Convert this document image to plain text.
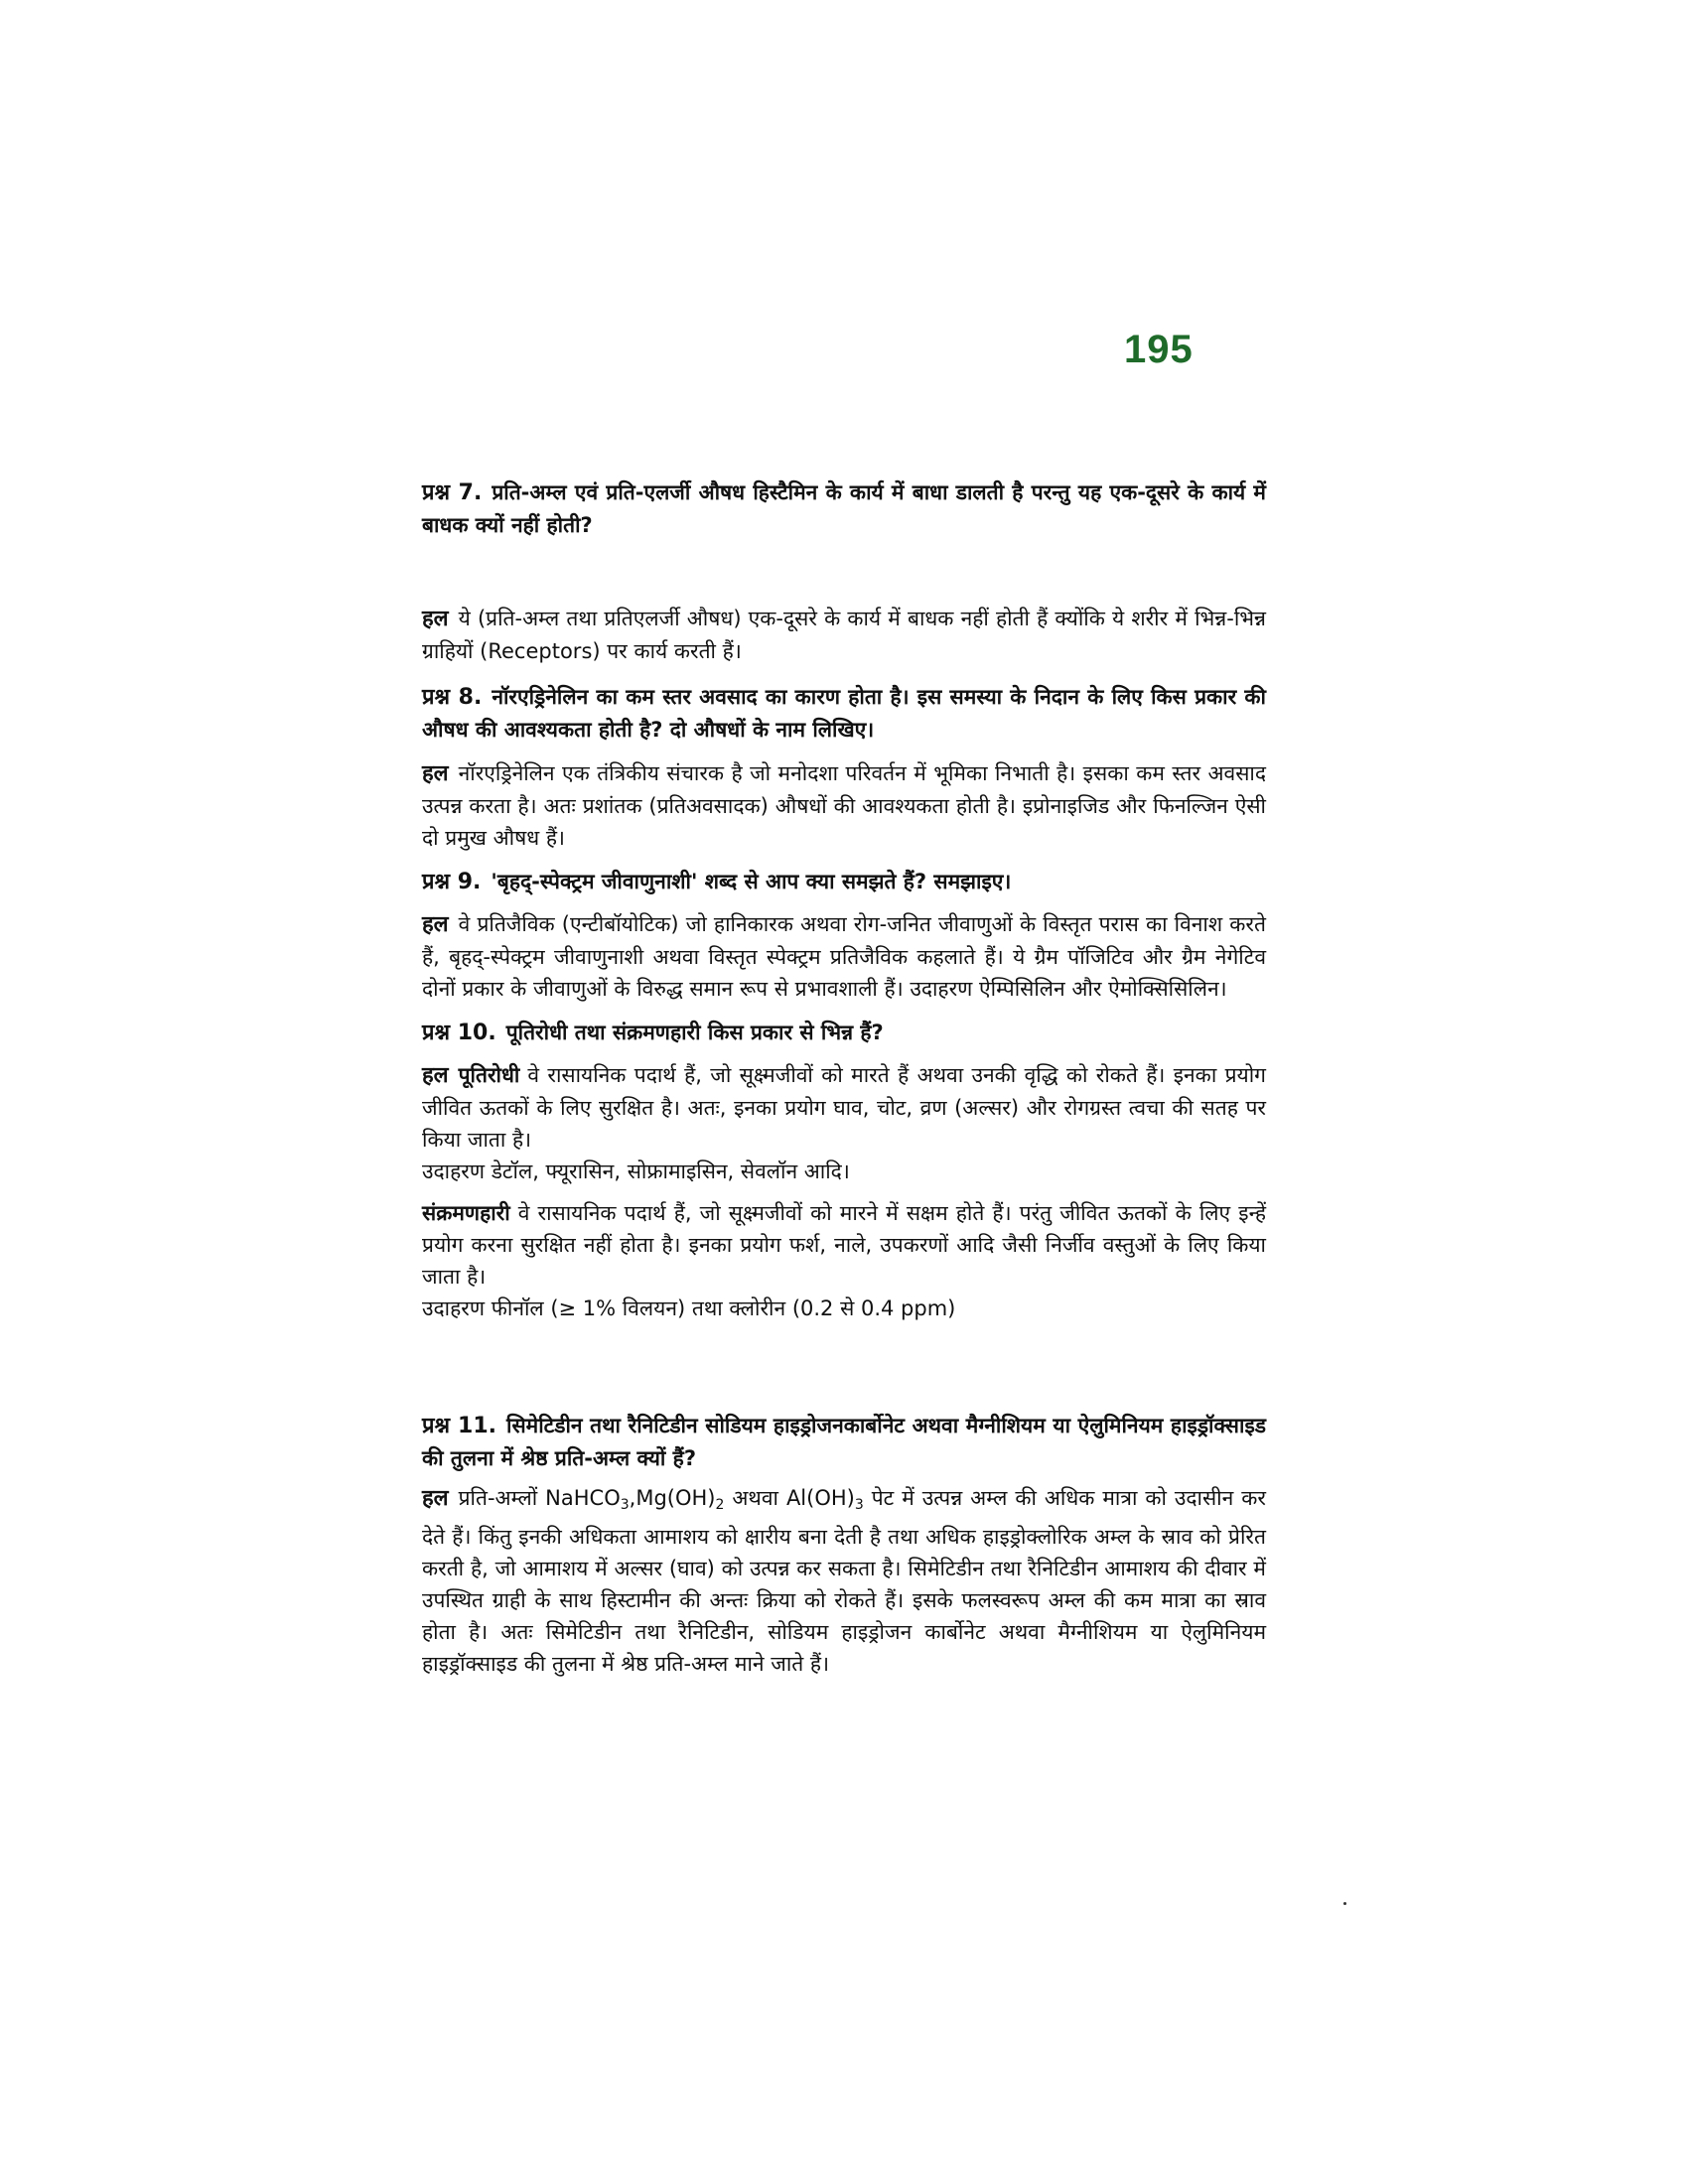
195

प्रश्न 7. प्रति-अम्ल एवं प्रति-एलर्जी औषध हिस्टैमिन के कार्य में बाधा डालती है परन्तु यह एक-दूसरे के कार्य में बाधक क्यों नहीं होती?

हल ये (प्रति-अम्ल तथा प्रतिएलर्जी औषध) एक-दूसरे के कार्य में बाधक नहीं होती हैं क्योंकि ये शरीर में भिन्न-भिन्न ग्राहियों (Receptors) पर कार्य करती हैं।

प्रश्न 8. नॉरएड्रिनेलिन का कम स्तर अवसाद का कारण होता है। इस समस्या के निदान के लिए किस प्रकार की औषध की आवश्यकता होती है? दो औषधों के नाम लिखिए।

हल नॉरएड्रिनेलिन एक तंत्रिकीय संचारक है जो मनोदशा परिवर्तन में भूमिका निभाती है। इसका कम स्तर अवसाद उत्पन्न करता है। अतः प्रशांतक (प्रतिअवसादक) औषधों की आवश्यकता होती है। इप्रोनाइजिड और फिनल्जिन ऐसी दो प्रमुख औषध हैं।

प्रश्न 9. 'बृहद्-स्पेक्ट्रम जीवाणुनाशी' शब्द से आप क्या समझते हैं? समझाइए।

हल वे प्रतिजैविक (एन्टीबॉयोटिक) जो हानिकारक अथवा रोग-जनित जीवाणुओं के विस्तृत परास का विनाश करते हैं, बृहद्-स्पेक्ट्रम जीवाणुनाशी अथवा विस्तृत स्पेक्ट्रम प्रतिजैविक कहलाते हैं। ये ग्रैम पॉजिटिव और ग्रैम नेगेटिव दोनों प्रकार के जीवाणुओं के विरुद्ध समान रूप से प्रभावशाली हैं। उदाहरण ऐम्पिसिलिन और ऐमोक्सिसिलिन।

प्रश्न 10. पूतिरोधी तथा संक्रमणहारी किस प्रकार से भिन्न हैं?

हल पूतिरोधी वे रासायनिक पदार्थ हैं, जो सूक्ष्मजीवों को मारते हैं अथवा उनकी वृद्धि को रोकते हैं। इनका प्रयोग जीवित ऊतकों के लिए सुरक्षित है। अतः, इनका प्रयोग घाव, चोट, व्रण (अल्सर) और रोगग्रस्त त्वचा की सतह पर किया जाता है।

उदाहरण डेटॉल, फ्यूरासिन, सोफ्रामाइसिन, सेवलॉन आदि।

संक्रमणहारी वे रासायनिक पदार्थ हैं, जो सूक्ष्मजीवों को मारने में सक्षम होते हैं। परंतु जीवित ऊतकों के लिए इन्हें प्रयोग करना सुरक्षित नहीं होता है। इनका प्रयोग फर्श, नाले, उपकरणों आदि जैसी निर्जीव वस्तुओं के लिए किया जाता है।

उदाहरण फीनॉल (≥ 1% विलयन) तथा क्लोरीन (0.2 से 0.4 ppm)

प्रश्न 11. सिमेटिडीन तथा रैनिटिडीन सोडियम हाइड्रोजनकार्बोनेट अथवा मैग्नीशियम या ऐलुमिनियम हाइड्रॉक्साइड की तुलना में श्रेष्ठ प्रति-अम्ल क्यों हैं?

हल प्रति-अम्लों $NaHCO_3,Mg(OH)_2$ अथवा $Al(OH)_3$ पेट में उत्पन्न अम्ल की अधिक मात्रा को उदासीन कर देते हैं। किंतु इनकी अधिकता आमाशय को क्षारीय बना देती है तथा अधिक हाइड्रोक्लोरिक अम्ल के स्राव को प्रेरित करती है, जो आमाशय में अल्सर (घाव) को उत्पन्न कर सकता है। सिमेटिडीन तथा रैनिटिडीन आमाशय की दीवार में उपस्थित ग्राही के साथ हिस्टामीन की अन्तः क्रिया को रोकते हैं। इसके फलस्वरूप अम्ल की कम मात्रा का स्राव होता है। अतः सिमेटिडीन तथा रैनिटिडीन, सोडियम हाइड्रोजन कार्बोनेट अथवा मैग्नीशियम या ऐलुमिनियम हाइड्रॉक्साइड की तुलना में श्रेष्ठ प्रति-अम्ल माने जाते हैं।
